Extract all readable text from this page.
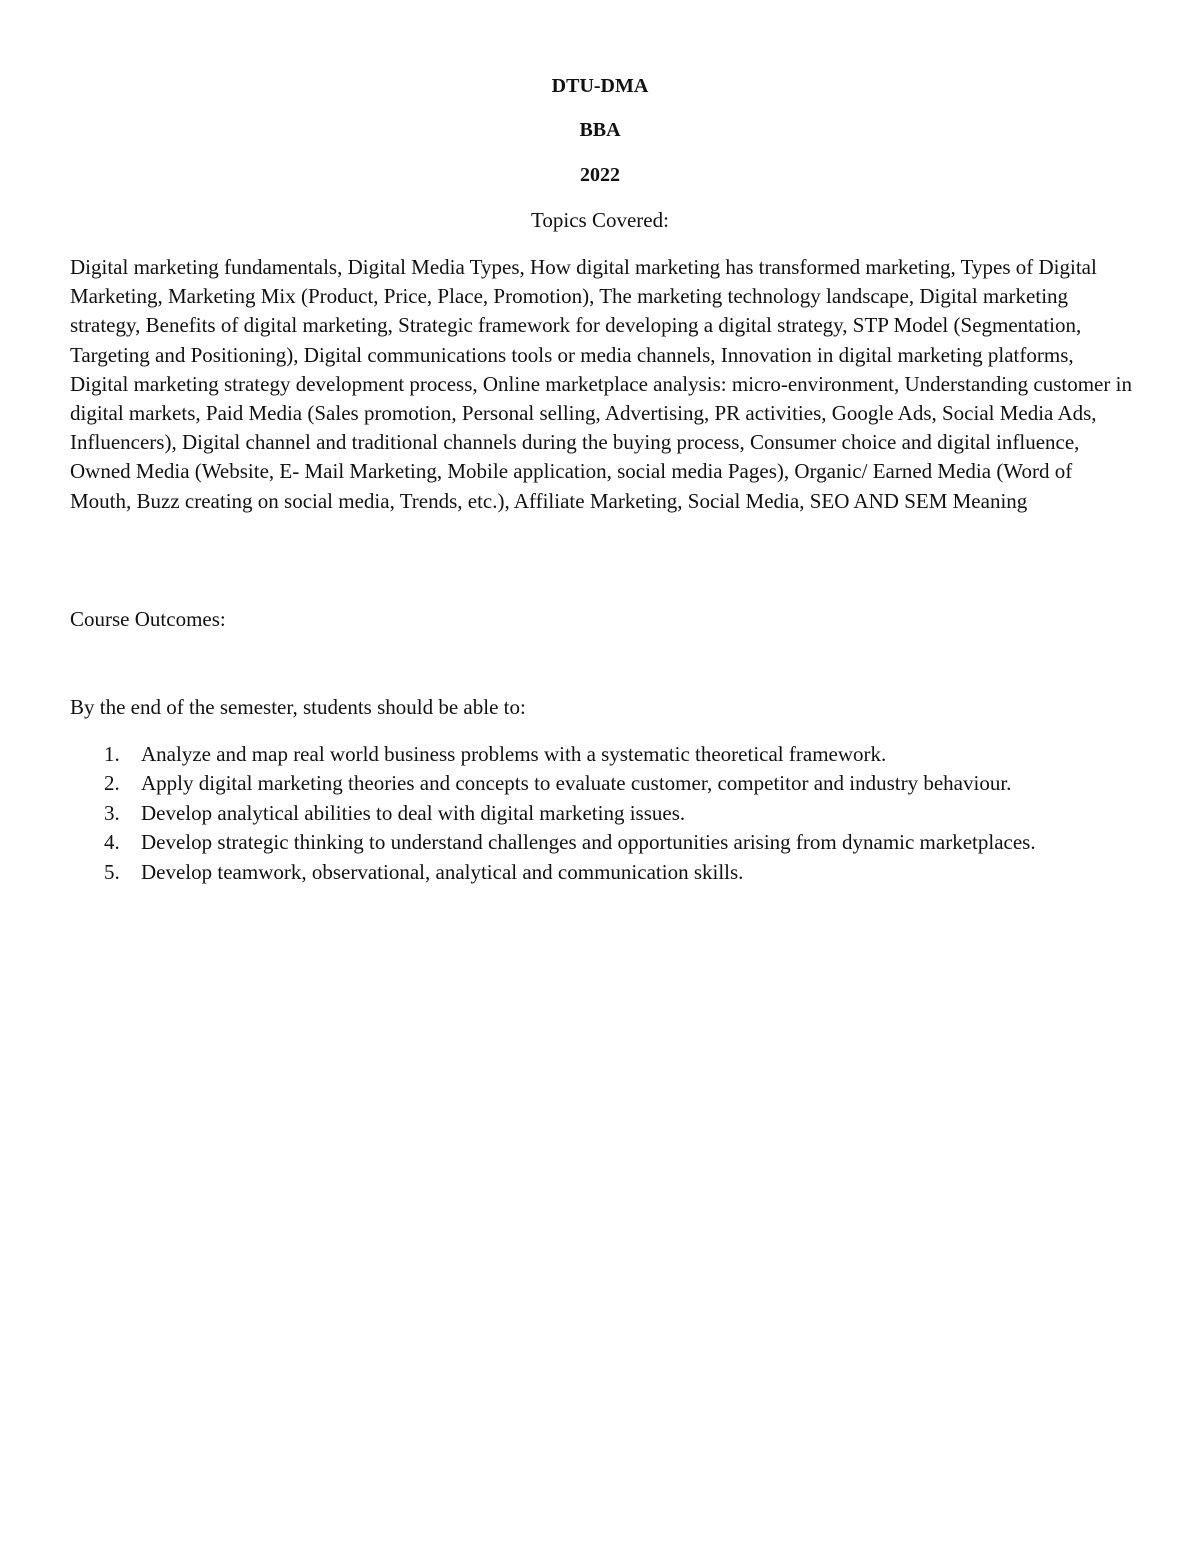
DTU-DMA
BBA
2022
Topics Covered:

Digital marketing fundamentals, Digital Media Types, How digital marketing has transformed marketing, Types of Digital Marketing, Marketing Mix (Product, Price, Place, Promotion), The marketing technology landscape, Digital marketing strategy, Benefits of digital marketing, Strategic framework for developing a digital strategy, STP Model (Segmentation, Targeting and Positioning), Digital communications tools or media channels, Innovation in digital marketing platforms, Digital marketing strategy development process, Online marketplace analysis: micro-environment, Understanding customer in digital markets, Paid Media (Sales promotion, Personal selling, Advertising, PR activities, Google Ads, Social Media Ads, Influencers), Digital channel and traditional channels during the buying process, Consumer choice and digital influence, Owned Media (Website, E- Mail Marketing, Mobile application, social media Pages), Organic/ Earned Media (Word of Mouth, Buzz creating on social media, Trends, etc.), Affiliate Marketing, Social Media, SEO AND SEM Meaning

Course Outcomes:
By the end of the semester, students should be able to:
1. Analyze and map real world business problems with a systematic theoretical framework.
2. Apply digital marketing theories and concepts to evaluate customer, competitor and industry behaviour.
3. Develop analytical abilities to deal with digital marketing issues.
4. Develop strategic thinking to understand challenges and opportunities arising from dynamic marketplaces.
5. Develop teamwork, observational, analytical and communication skills.
